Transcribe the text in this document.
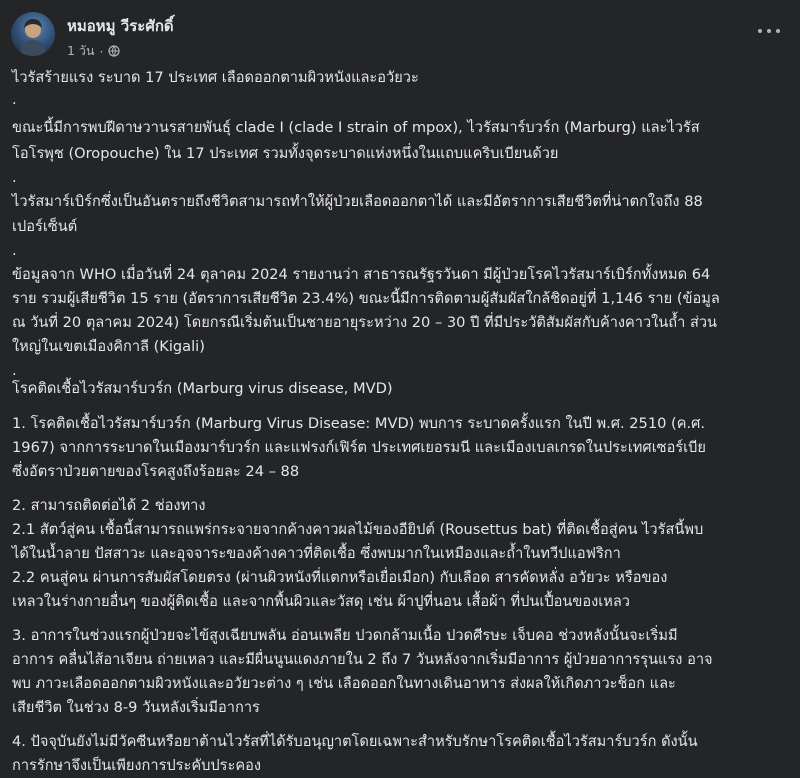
หมอหมู วีระศักดิ์
1 วัน ·
ไวรัสร้ายแรง ระบาด 17 ประเทศ เลือดออกตามผิวหนังและอวัยวะ
.
ขณะนี้มีการพบฝีดาษวานรสายพันธุ์ clade I (clade I strain of mpox), ไวรัสมาร์บวร์ก (Marburg) และไวรัส
โอโรพุช (Oropouche) ใน 17 ประเทศ รวมทั้งจุดระบาดแห่งหนึ่งในแถบแคริบเบียนด้วย
.
ไวรัสมาร์เบิร์กซึ่งเป็นอันตรายถึงชีวิตสามารถทำให้ผู้ป่วยเลือดออกตาได้ และมีอัตราการเสียชีวิตที่น่าตกใจถึง 88
เปอร์เซ็นต์
.
ข้อมูลจาก WHO เมื่อวันที่ 24 ตุลาคม 2024 รายงานว่า สาธารณรัฐรวันดา มีผู้ป่วยโรคไวรัสมาร์เบิร์กทั้งหมด 64
ราย รวมผู้เสียชีวิต 15 ราย (อัตราการเสียชีวิต 23.4%) ขณะนี้มีการติดตามผู้สัมผัสใกล้ชิดอยู่ที่ 1,146 ราย (ข้อมูล
ณ วันที่ 20 ตุลาคม 2024) โดยกรณีเริ่มต้นเป็นชายอายุระหว่าง 20 – 30 ปี ที่มีประวัติสัมผัสกับค้างคาวในถ้ำ ส่วน
ใหญ่ในเขตเมืองคิกาลี (Kigali)
.
โรคติดเชื้อไวรัสมาร์บวร์ก (Marburg virus disease, MVD)
1. โรคติดเชื้อไวรัสมาร์บวร์ก (Marburg Virus Disease: MVD) พบการ ระบาดครั้งแรก ในปี พ.ศ. 2510 (ค.ศ.
1967) จากการระบาดในเมืองมาร์บวร์ก และแฟรงก์เฟิร์ต ประเทศเยอรมนี และเมืองเบลเกรดในประเทศเซอร์เบีย
ซึ่งอัตราป่วยตายของโรคสูงถึงร้อยละ 24 – 88
2. สามารถติดต่อได้ 2 ช่องทาง
2.1 สัตว์สู่คน เชื้อนี้สามารถแพร่กระจายจากค้างคาวผลไม้ของอียิปต์ (Rousettus bat) ที่ติดเชื้อสู่คน ไวรัสนี้พบ
ได้ในน้ำลาย ปัสสาวะ และอุจจาระของค้างคาวที่ติดเชื้อ ซึ่งพบมากในเหมืองและถ้ำในทวีปแอฟริกา
2.2 คนสู่คน ผ่านการสัมผัสโดยตรง (ผ่านผิวหนังที่แตกหรือเยื่อเมือก) กับเลือด สารคัดหลั่ง อวัยวะ หรือของ
เหลวในร่างกายอื่นๆ ของผู้ติดเชื้อ และจากพื้นผิวและวัสดุ เช่น ผ้าปูที่นอน เสื้อผ้า ที่ปนเปื้อนของเหลว
3. อาการในช่วงแรกผู้ป่วยจะไข้สูงเฉียบพลัน อ่อนเพลีย ปวดกล้ามเนื้อ ปวดศีรษะ เจ็บคอ ช่วงหลังนั้นจะเริ่มมี
อาการ คลื่นไส้อาเจียน ถ่ายเหลว และมีผื่นนูนแดงภายใน 2 ถึง 7 วันหลังจากเริ่มมีอาการ ผู้ป่วยอาการรุนแรง อาจ
พบ ภาวะเลือดออกตามผิวหนังและอวัยวะต่าง ๆ เช่น เลือดออกในทางเดินอาหาร ส่งผลให้เกิดภาวะช็อก และ
เสียชีวิต ในช่วง 8-9 วันหลังเริ่มมีอาการ
4. ปัจจุบันยังไม่มีวัคซีนหรือยาต้านไวรัสที่ได้รับอนุญาตโดยเฉพาะสำหรับรักษาโรคติดเชื้อไวรัสมาร์บวร์ก ดังนั้น
การรักษาจึงเป็นเพียงการประคับประคอง
